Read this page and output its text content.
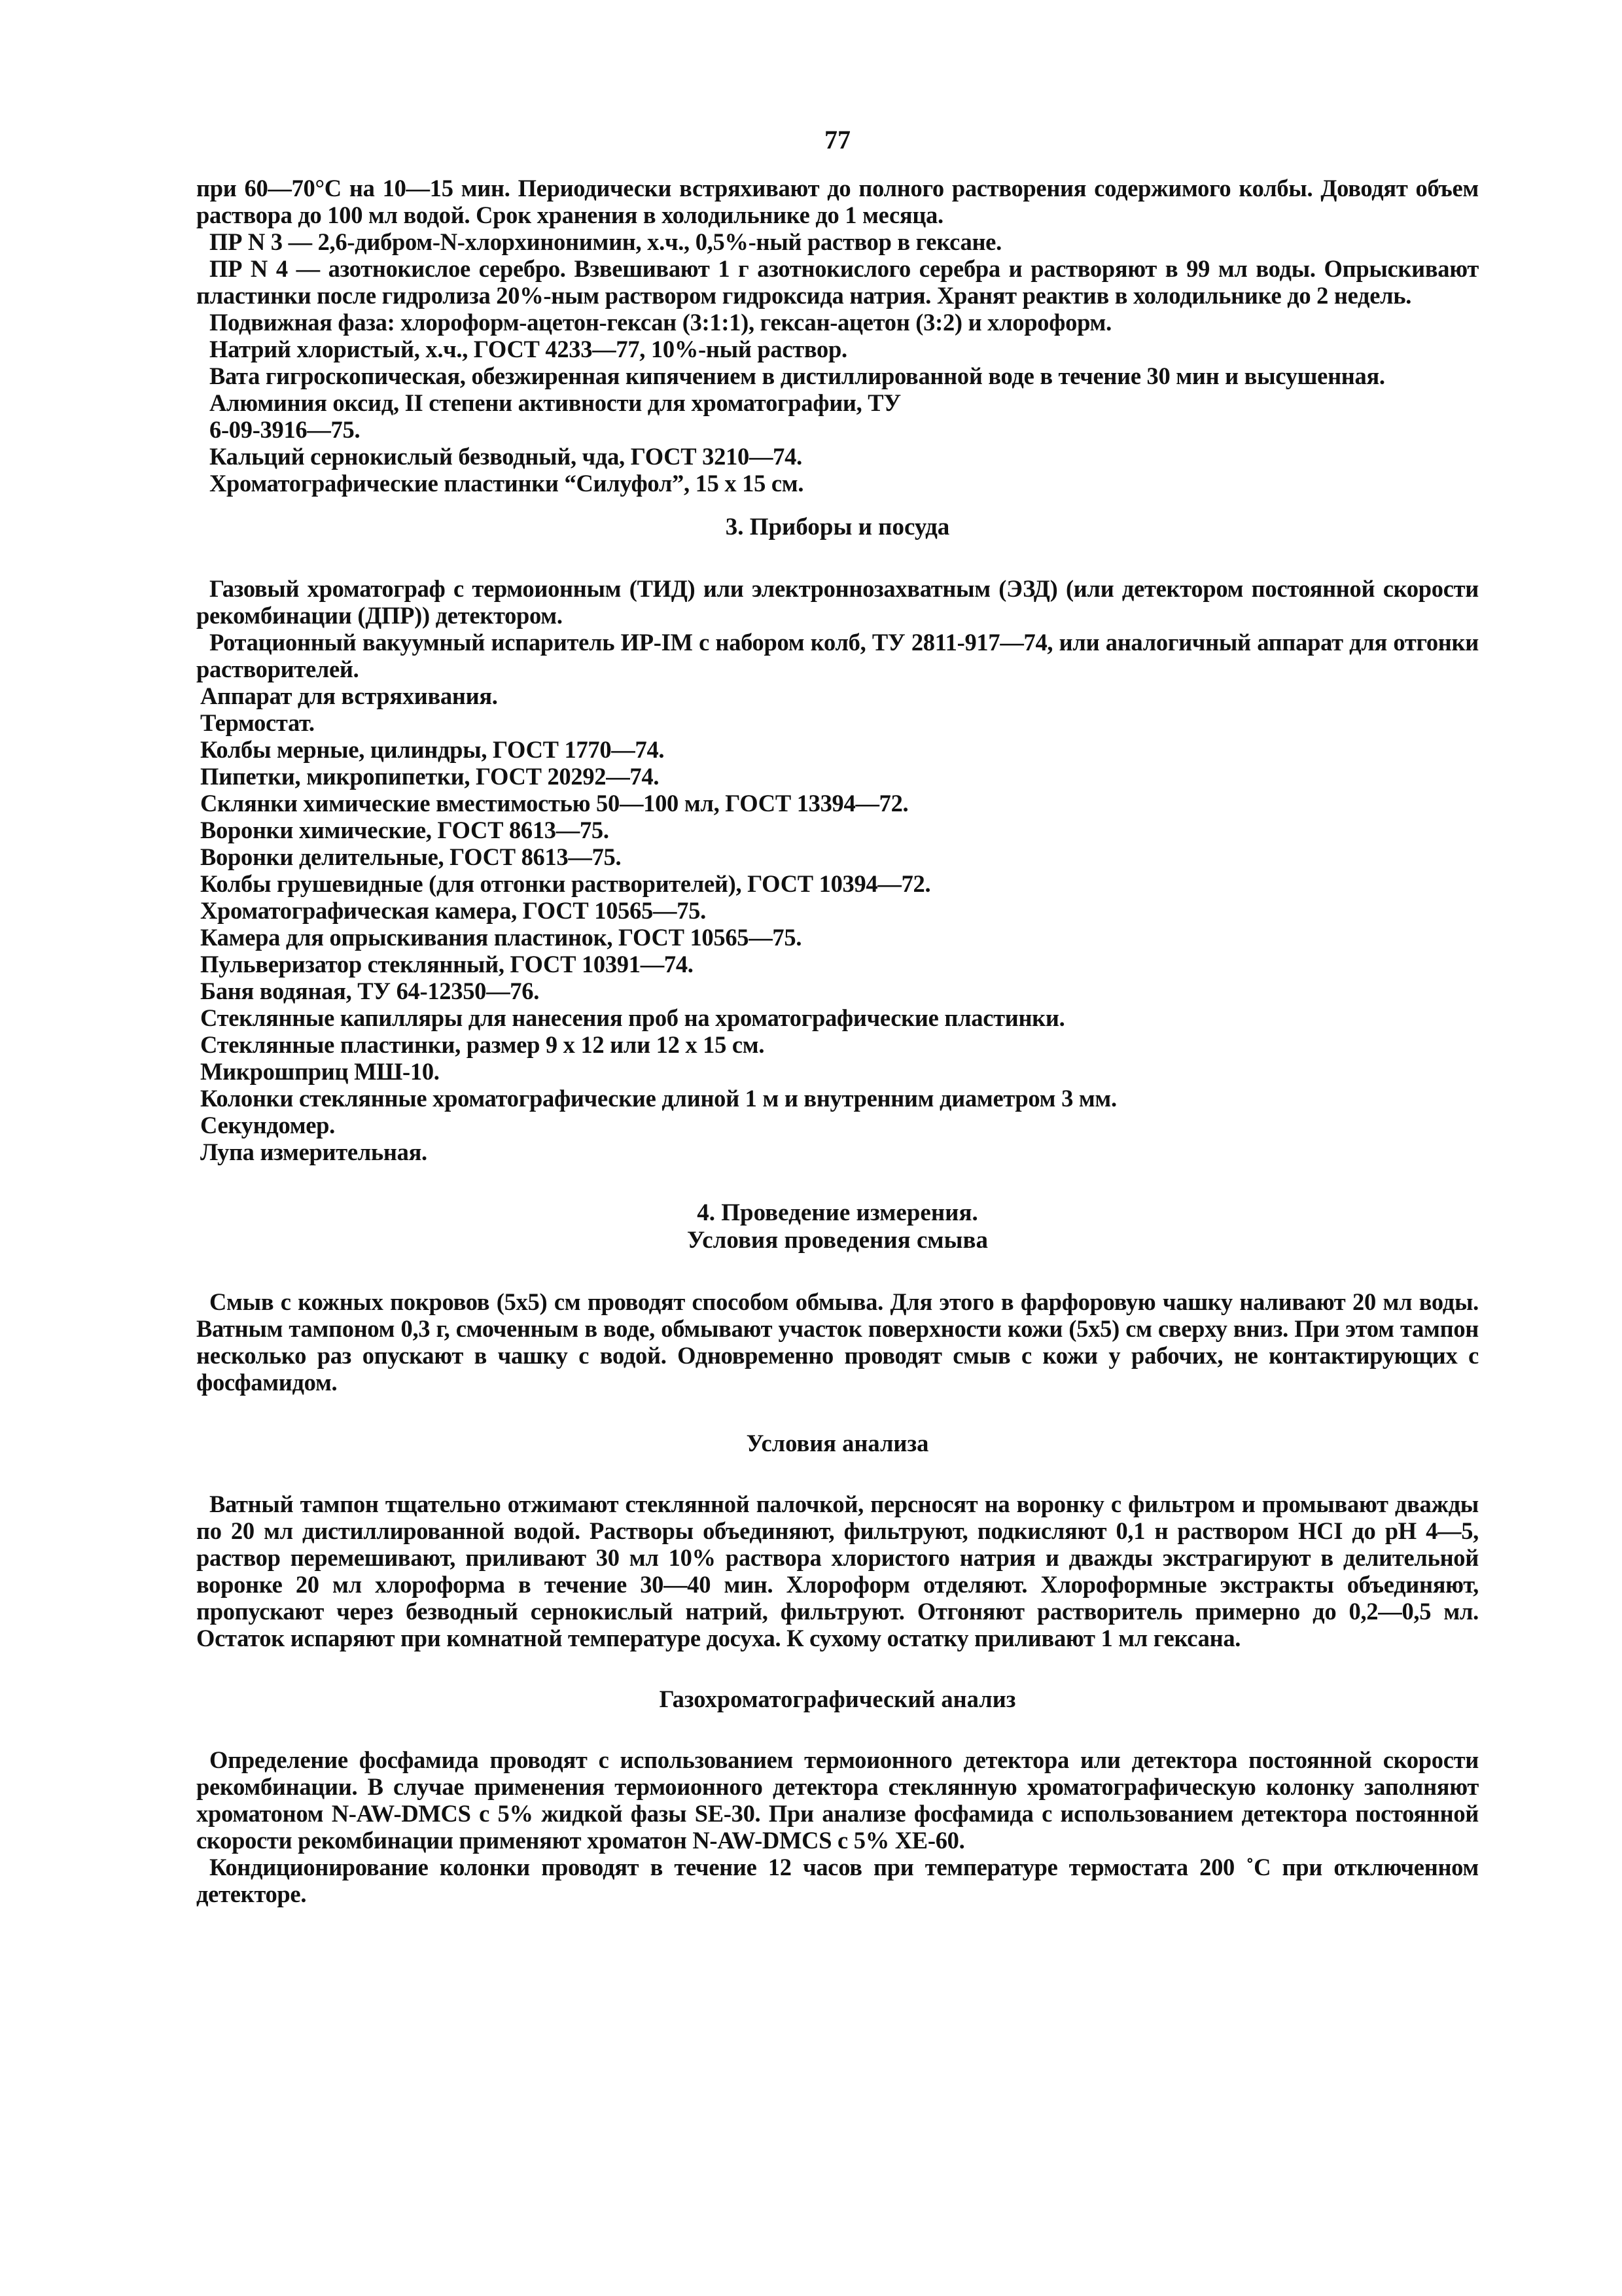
77

при 60—70°С на 10—15 мин. Периодически встряхивают до полного растворения содержимого колбы. Доводят объем раствора до 100 мл водой. Срок хранения в холодильнике до 1 месяца.

ПР N 3 — 2,6-дибром-N-хлорхинонимин, х.ч., 0,5%-ный раствор в гексане.

ПР N 4 — азотнокислое серебро. Взвешивают 1 г азотнокислого серебра и растворяют в 99 мл воды. Опрыскивают пластинки после гидролиза 20%-ным раствором гидроксида натрия. Хранят реактив в холодильнике до 2 недель.

Подвижная фаза: хлороформ-ацетон-гексан (3:1:1), гексан-ацетон (3:2) и хлороформ.

Натрий хлористый, х.ч., ГОСТ 4233—77, 10%-ный раствор.

Вата гигроскопическая, обезжиренная кипячением в дистиллированной воде в течение 30 мин и высушенная.

Алюминия оксид, II степени активности для хроматографии, ТУ

6-09-3916—75.

Кальций сернокислый безводный, чда, ГОСТ 3210—74.

Хроматографические пластинки “Силуфол”, 15 х 15 см.

3. Приборы и посуда

Газовый хроматограф с термоионным (ТИД) или электроннозахватным (ЭЗД) (или детектором постоянной скорости рекомбинации (ДПР)) детектором.

Ротационный вакуумный испаритель ИР-IМ с набором колб, ТУ 2811-917—74, или аналогичный аппарат для отгонки растворителей.

Аппарат для встряхивания.

Термостат.

Колбы мерные, цилиндры, ГОСТ 1770—74.

Пипетки, микропипетки, ГОСТ 20292—74.

Склянки химические вместимостью 50—100 мл, ГОСТ 13394—72.

Воронки химические, ГОСТ 8613—75.

Воронки делительные, ГОСТ 8613—75.

Колбы грушевидные (для отгонки растворителей), ГОСТ 10394—72.

Хроматографическая камера, ГОСТ 10565—75.

Камера для опрыскивания пластинок, ГОСТ 10565—75.

Пульверизатор стеклянный, ГОСТ 10391—74.

Баня водяная, ТУ 64-12350—76.

Стеклянные капилляры для нанесения проб на хроматографические пластинки.

Стеклянные пластинки, размер 9 х 12 или 12 х 15 см.

Микрошприц МШ-10.

Колонки стеклянные хроматографические длиной 1 м и внутренним диаметром 3 мм.

Секундомер.

Лупа измерительная.

4. Проведение измерения.
Условия проведения смыва

Смыв с кожных покровов (5х5) см проводят способом обмыва. Для этого в фарфоровую чашку наливают 20 мл воды. Ватным тампоном 0,3 г, смоченным в воде, обмывают участок поверхности кожи (5х5) см сверху вниз. При этом тампон несколько раз опускают в чашку с водой. Одновременно проводят смыв с кожи у рабочих, не контактирующих с фосфамидом.

Условия анализа

Ватный тампон тщательно отжимают стеклянной палочкой, персносят на воронку с фильтром и промывают дважды по 20 мл дистиллированной водой. Растворы объединяют, фильтруют, подкисляют 0,1 н раствором HCI до pH 4—5, раствор перемешивают, приливают 30 мл 10% раствора хлористого натрия и дважды экстрагируют в делительной воронке 20 мл хлороформа в течение 30—40 мин. Хлороформ отделяют. Хлороформные экстракты объединяют, пропускают через безводный сернокислый натрий, фильтруют. Отгоняют растворитель примерно до 0,2—0,5 мл. Остаток испаряют при комнатной температуре досуха. К сухому остатку приливают 1 мл гексана.

Газохроматографический анализ

Определение фосфамида проводят с использованием термоионного детектора или детектора постоянной скорости рекомбинации. В случае применения термоионного детектора стеклянную хроматографическую колонку заполняют хроматоном N-AW-DMCS с 5% жидкой фазы SE-30. При анализе фосфамида с использованием детектора постоянной скорости рекомбинации применяют хроматон N-AW-DMCS с 5% ХЕ-60.

Кондиционирование колонки проводят в течение 12 часов при температуре термостата 200 ˚С при отключенном детекторе.
